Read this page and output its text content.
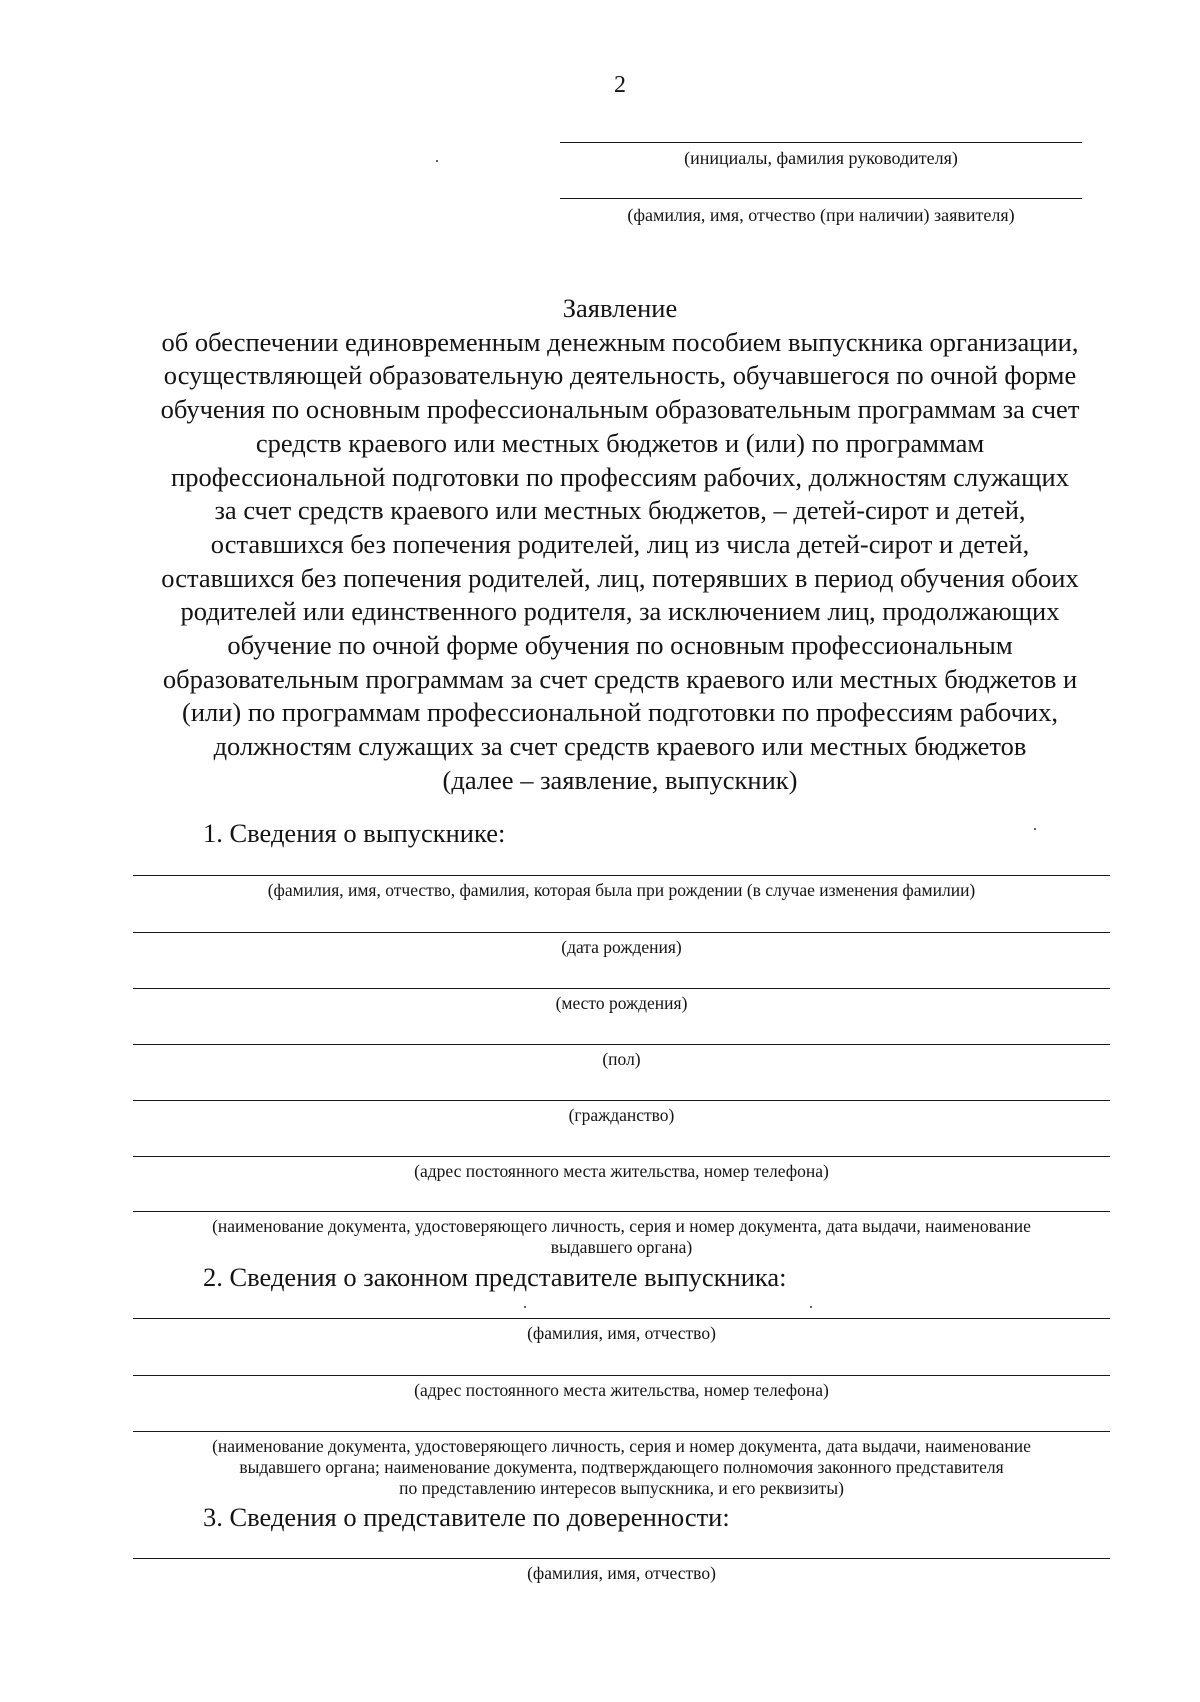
2
(инициалы, фамилия руководителя)
(фамилия, имя, отчество (при наличии) заявителя)
Заявление
об обеспечении единовременным денежным пособием выпускника организации,
осуществляющей образовательную деятельность, обучавшегося по очной форме
обучения по основным профессиональным образовательным программам за счет
средств краевого или местных бюджетов и (или) по программам
профессиональной подготовки по профессиям рабочих, должностям служащих
за счет средств краевого или местных бюджетов, – детей-сирот и детей,
оставшихся без попечения родителей, лиц из числа детей-сирот и детей,
оставшихся без попечения родителей, лиц, потерявших в период обучения обоих
родителей или единственного родителя, за исключением лиц, продолжающих
обучение по очной форме обучения по основным профессиональным
образовательным программам за счет средств краевого или местных бюджетов и
(или) по программам профессиональной подготовки по профессиям рабочих,
должностям служащих за счет средств краевого или местных бюджетов
(далее – заявление, выпускник)
1. Сведения о выпускнике:
(фамилия, имя, отчество, фамилия, которая была при рождении (в случае изменения фамилии)
(дата рождения)
(место рождения)
(пол)
(гражданство)
(адрес постоянного места жительства, номер телефона)
(наименование документа, удостоверяющего личность, серия и номер документа, дата выдачи, наименование
выдавшего органа)
2. Сведения о законном представителе выпускника:
(фамилия, имя, отчество)
(адрес постоянного места жительства, номер телефона)
(наименование документа, удостоверяющего личность, серия и номер документа, дата выдачи, наименование
выдавшего органа; наименование документа, подтверждающего полномочия законного представителя
по представлению интересов выпускника, и его реквизиты)
3. Сведения о представителе по доверенности:
(фамилия, имя, отчество)
